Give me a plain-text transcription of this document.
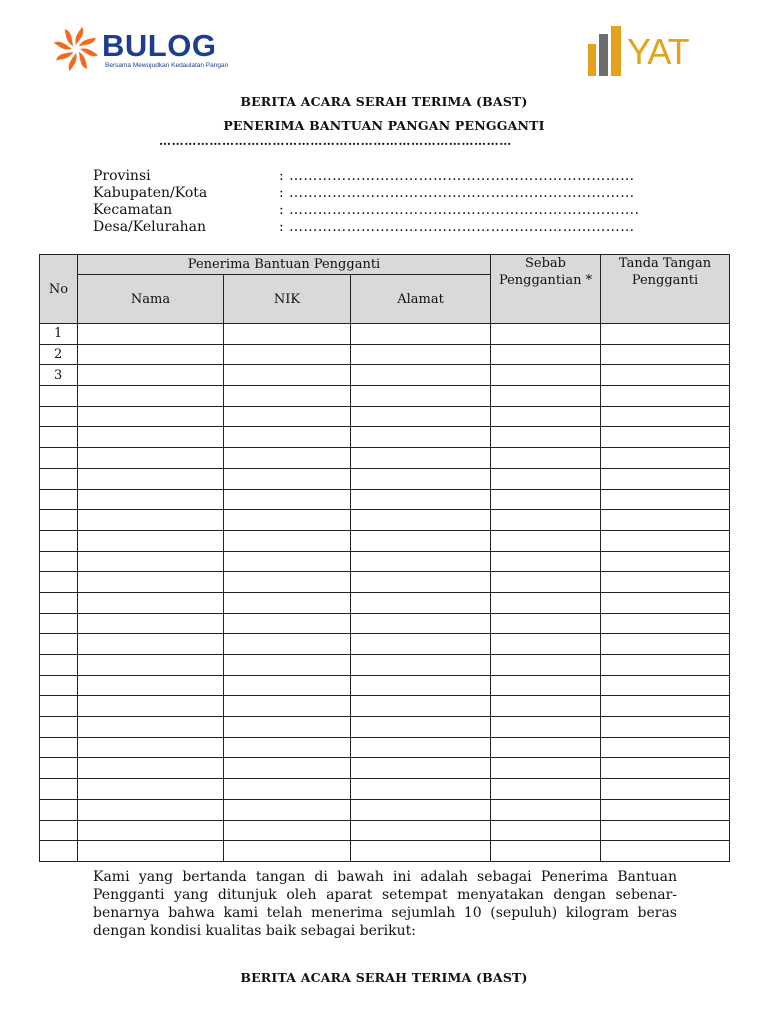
BULOG
Bersama Mewujudkan Kedaulatan Pangan	YAT
BERITA ACARA SERAH TERIMA (BAST)
PENERIMA BANTUAN PANGAN PENGGANTI
…………………………………………………………………………
Provinsi	: ………………………………………………………………
Kabupaten/Kota	: ………………………………………………………………
Kecamatan	: ……………………………………………………………….
Desa/Kelurahan	: ………………………………………………………………
No	Penerima Bantuan Pengganti			Sebab Penggantian *	Tanda Tangan Pengganti
	Nama	NIK	Alamat		
1					
2					
3					

Kami yang bertanda tangan di bawah ini adalah sebagai Penerima Bantuan Pengganti yang ditunjuk oleh aparat setempat menyatakan dengan sebenar-benarnya bahwa kami telah menerima sejumlah 10 (sepuluh) kilogram beras dengan kondisi kualitas baik sebagai berikut:
BERITA ACARA SERAH TERIMA (BAST)
